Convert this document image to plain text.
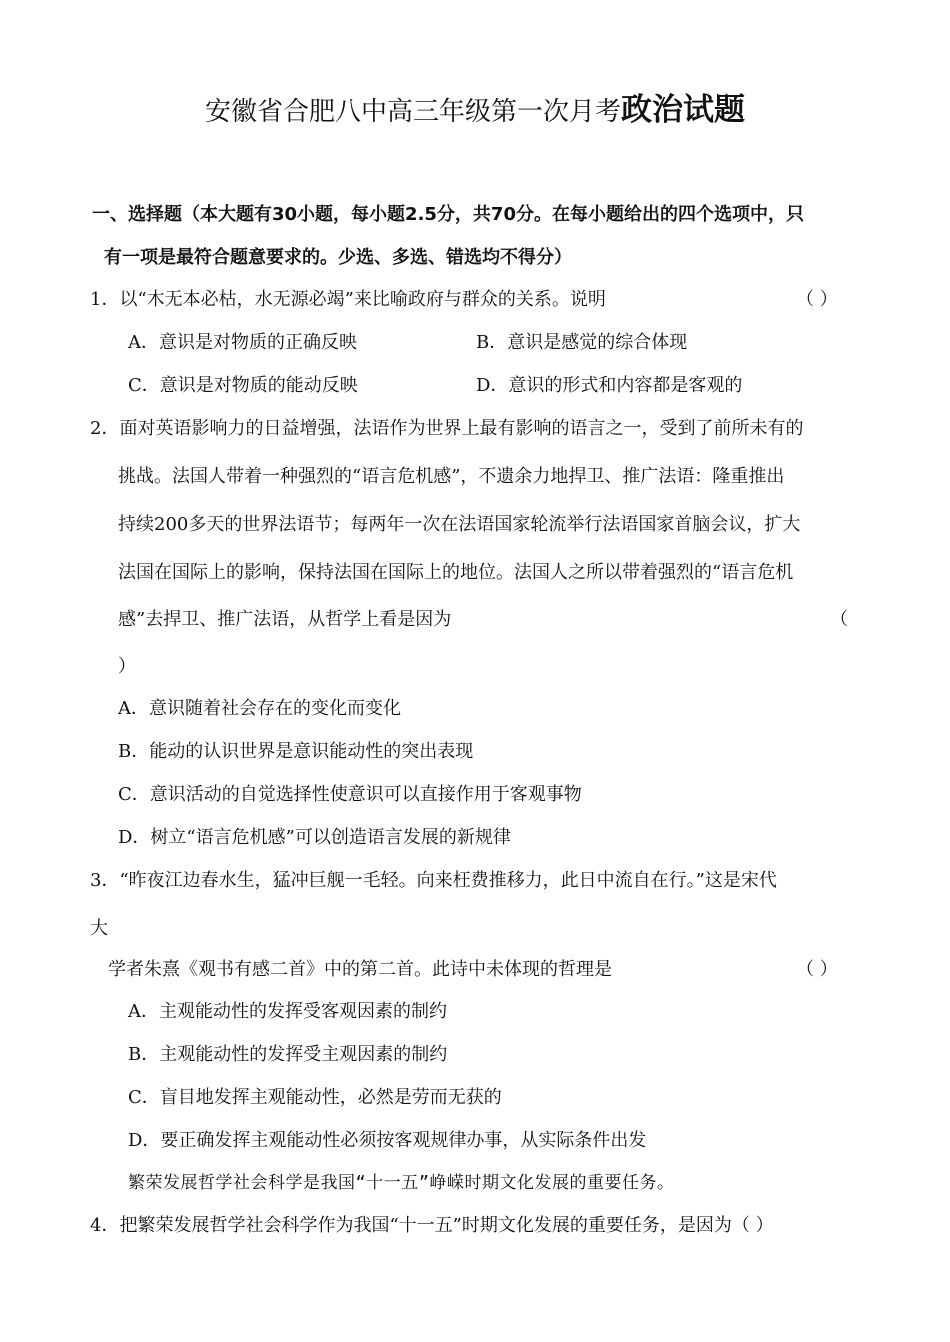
安徽省合肥八中高三年级第一次月考政治试题
一、选择题（本大题有30小题，每小题2.5分，共70分。在每小题给出的四个选项中，只
有一项是最符合题意要求的。少选、多选、错选均不得分）
1．以“木无本必枯，水无源必竭”来比喻政府与群众的关系。说明	（ ）
A．意识是对物质的正确反映	B．意识是感觉的综合体现
C．意识是对物质的能动反映	D．意识的形式和内容都是客观的
2．面对英语影响力的日益增强，法语作为世界上最有影响的语言之一，受到了前所未有的
挑战。法国人带着一种强烈的“语言危机感”，不遗余力地捍卫、推广法语：隆重推出
持续200多天的世界法语节；每两年一次在法语国家轮流举行法语国家首脑会议，扩大
法国在国际上的影响，保持法国在国际上的地位。法国人之所以带着强烈的“语言危机
感”去捍卫、推广法语，从哲学上看是因为	（
）
A．意识随着社会存在的变化而变化
B．能动的认识世界是意识能动性的突出表现
C．意识活动的自觉选择性使意识可以直接作用于客观事物
D．树立“语言危机感”可以创造语言发展的新规律
3．“昨夜江边春水生，猛冲巨舰一毛轻。向来枉费推移力，此日中流自在行。”这是宋代
大
学者朱熹《观书有感二首》中的第二首。此诗中未体现的哲理是	（ ）
A．主观能动性的发挥受客观因素的制约
B．主观能动性的发挥受主观因素的制约
C．盲目地发挥主观能动性，必然是劳而无获的
D．要正确发挥主观能动性必须按客观规律办事，从实际条件出发
繁荣发展哲学社会科学是我国“十一五”峥嵘时期文化发展的重要任务。
4．把繁荣发展哲学社会科学作为我国“十一五”时期文化发展的重要任务，是因为（ ）
